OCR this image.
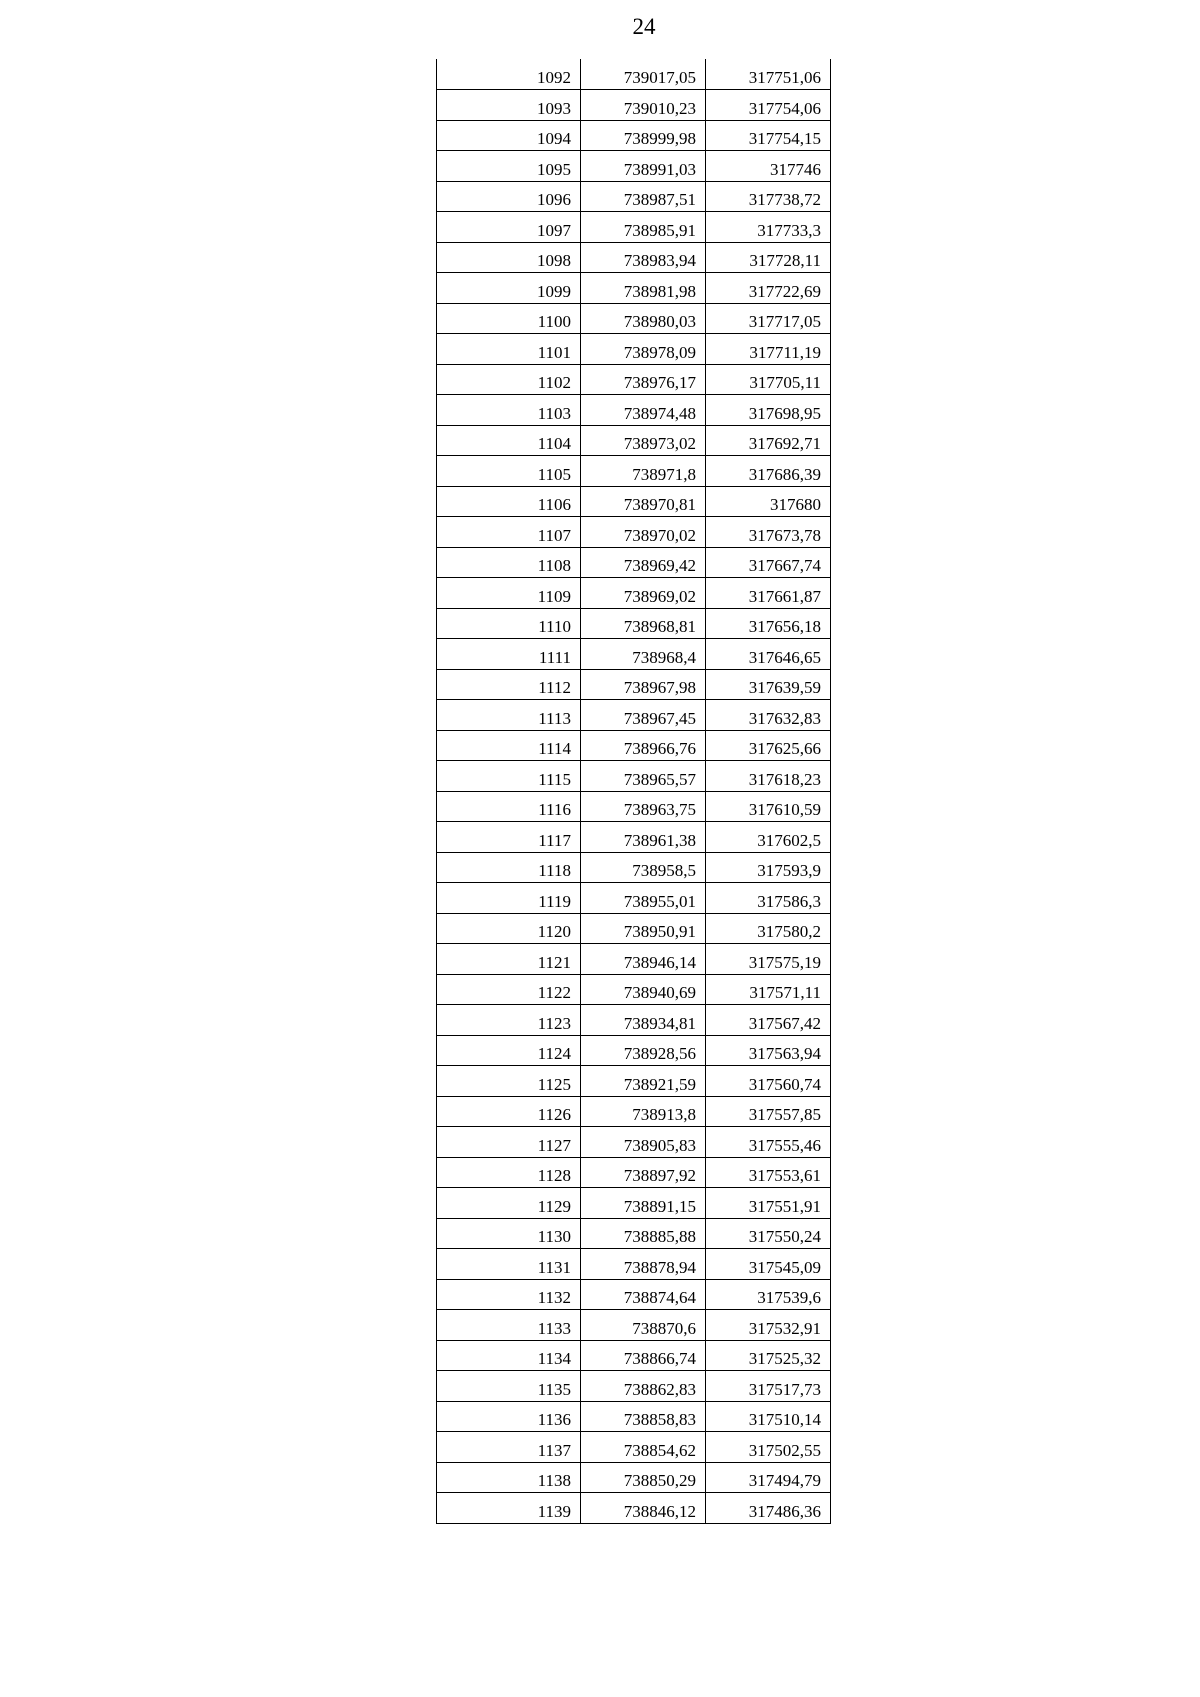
24
1092	739017,05	317751,06
1093	739010,23	317754,06
1094	738999,98	317754,15
1095	738991,03	317746
1096	738987,51	317738,72
1097	738985,91	317733,3
1098	738983,94	317728,11
1099	738981,98	317722,69
1100	738980,03	317717,05
1101	738978,09	317711,19
1102	738976,17	317705,11
1103	738974,48	317698,95
1104	738973,02	317692,71
1105	738971,8	317686,39
1106	738970,81	317680
1107	738970,02	317673,78
1108	738969,42	317667,74
1109	738969,02	317661,87
1110	738968,81	317656,18
1111	738968,4	317646,65
1112	738967,98	317639,59
1113	738967,45	317632,83
1114	738966,76	317625,66
1115	738965,57	317618,23
1116	738963,75	317610,59
1117	738961,38	317602,5
1118	738958,5	317593,9
1119	738955,01	317586,3
1120	738950,91	317580,2
1121	738946,14	317575,19
1122	738940,69	317571,11
1123	738934,81	317567,42
1124	738928,56	317563,94
1125	738921,59	317560,74
1126	738913,8	317557,85
1127	738905,83	317555,46
1128	738897,92	317553,61
1129	738891,15	317551,91
1130	738885,88	317550,24
1131	738878,94	317545,09
1132	738874,64	317539,6
1133	738870,6	317532,91
1134	738866,74	317525,32
1135	738862,83	317517,73
1136	738858,83	317510,14
1137	738854,62	317502,55
1138	738850,29	317494,79
1139	738846,12	317486,36
